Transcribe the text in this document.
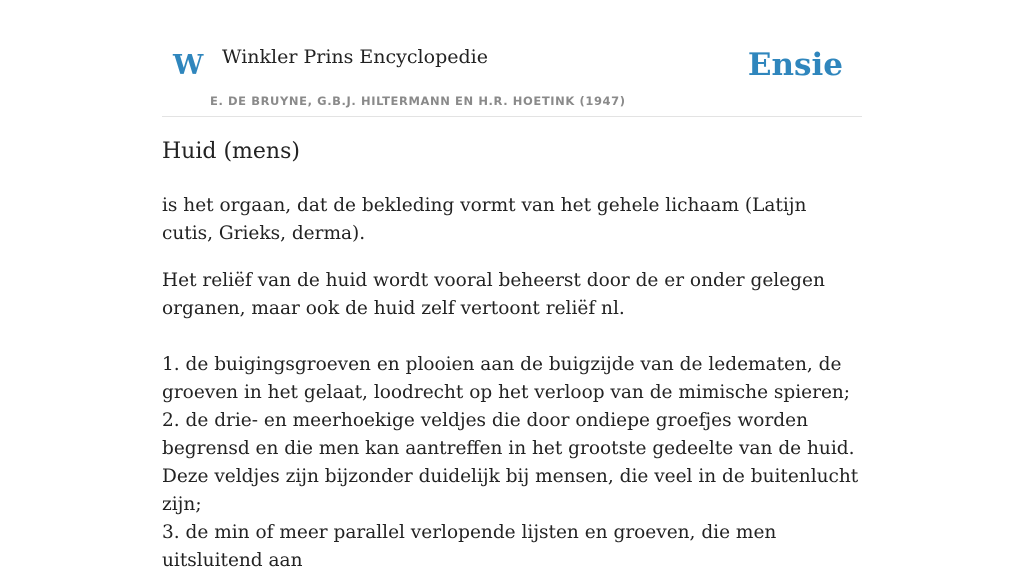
W Winkler Prins Encyclopedie
E. DE BRUYNE, G.B.J. HILTERMANN EN H.R. HOETINK (1947)
Ensie
Huid (mens)

is het orgaan, dat de bekleding vormt van het gehele lichaam (Latijn cutis, Grieks, derma).

Het reliëf van de huid wordt vooral beheerst door de er onder gelegen organen, maar ook de huid zelf vertoont reliëf nl.

1. de buigingsgroeven en plooien aan de buigzijde van de ledematen, de groeven in het gelaat, loodrecht op het verloop van de mimische spieren; 2. de drie- en meerhoekige veldjes die door ondiepe groefjes worden begrensd en die men kan aantreffen in het grootste gedeelte van de huid. Deze veldjes zijn bijzonder duidelijk bij mensen, die veel in de buitenlucht zijn;
3. de min of meer parallel verlopende lijsten en groeven, die men uitsluitend aan
